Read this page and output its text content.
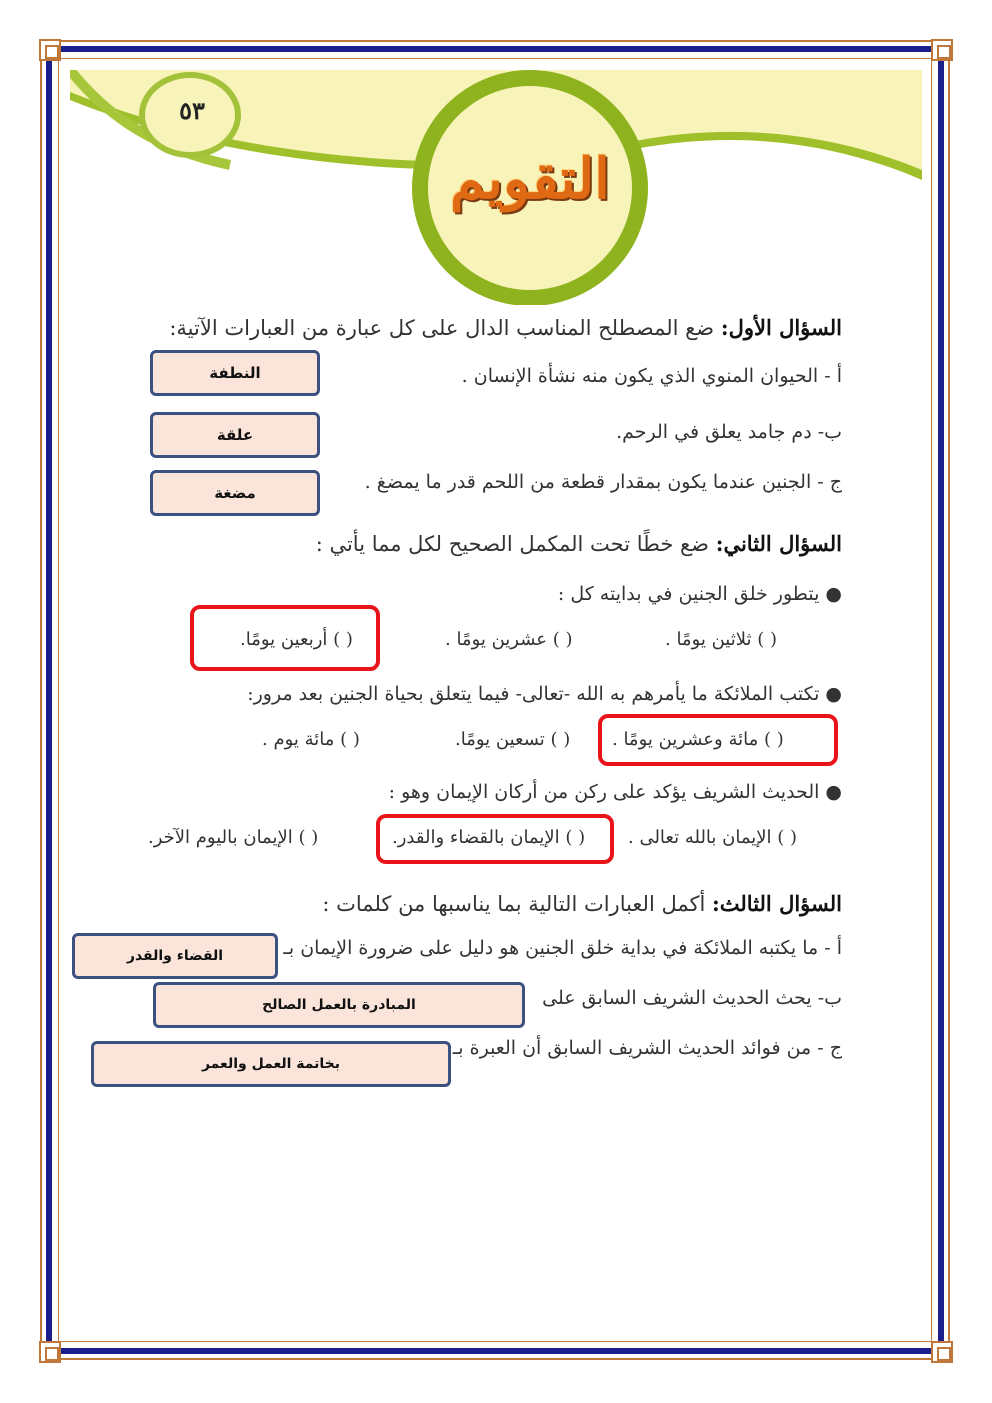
٥٣
التقويم
السؤال الأول: ضع المصطلح المناسب الدال على كل عبارة من العبارات الآتية:
أ - الحيوان المنوي الذي يكون منه نشأة الإنسان .
النطفة
ب- دم جامد يعلق في الرحم.
علقة
ج - الجنين عندما يكون بمقدار قطعة من اللحم قدر ما يمضغ .
مضغة
السؤال الثاني: ضع خطًا تحت المكمل الصحيح لكل مما يأتي :
● يتطور خلق الجنين في بدايته كل :
( ) ثلاثين يومًا .
( ) عشرين يومًا .
( ) أربعين يومًا.
● تكتب الملائكة ما يأمرهم به الله -تعالى- فيما يتعلق بحياة الجنين بعد مرور:
( ) مائة وعشرين يومًا .
( ) تسعين يومًا.
( ) مائة يوم .
● الحديث الشريف يؤكد على ركن من أركان الإيمان وهو :
( ) الإيمان بالله تعالى .
( ) الإيمان بالقضاء والقدر.
( ) الإيمان باليوم الآخر.
السؤال الثالث: أكمل العبارات التالية بما يناسبها من كلمات :
أ - ما يكتبه الملائكة في بداية خلق الجنين هو دليل على ضرورة الإيمان بـ
القضاء والقدر
ب- يحث الحديث الشريف السابق على
المبادرة بالعمل الصالح
ج - من فوائد الحديث الشريف السابق أن العبرة بـ
بخاتمة العمل والعمر
